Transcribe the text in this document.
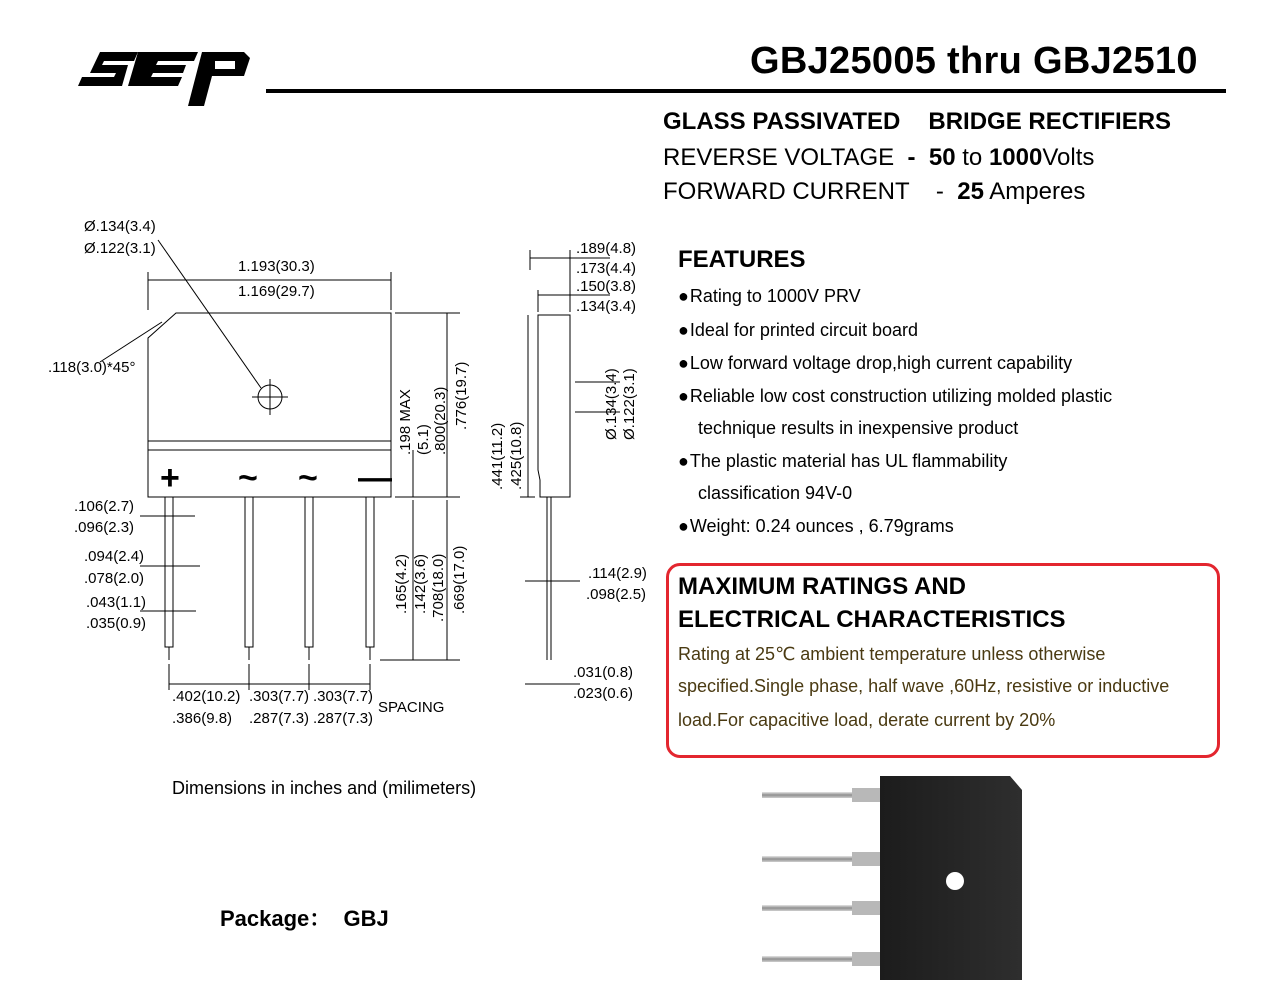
GBJ25005 thru GBJ2510
GLASS PASSIVATED BRIDGE RECTIFIERS
REVERSE VOLTAGE - 50 to 1000Volts
FORWARD CURRENT - 25 Amperes
FEATURES
●Rating to 1000V PRV
●Ideal for printed circuit board
●Low forward voltage drop,high current capability
●Reliable low cost construction utilizing molded plastic
technique results in inexpensive product
●The plastic material has UL flammability
classification 94V-0
●Weight: 0.24 ounces , 6.79grams
MAXIMUM RATINGS AND
ELECTRICAL CHARACTERISTICS
Rating at 25℃ ambient temperature unless otherwise
specified.Single phase, half wave ,60Hz, resistive or inductive
load.For capacitive load, derate current by 20%
Ø.134(3.4)
Ø.122(3.1)
1.193(30.3)
1.169(29.7)
.118(3.0)*45°
+ ~ ~ —
.106(2.7)
.096(2.3)
.094(2.4)
.078(2.0)
.043(1.1)
.035(0.9)
.402(10.2)
.386(9.8)
.303(7.7)
.287(7.3)
.303(7.7)
.287(7.3)
SPACING
.198 MAX (5.1) .800(20.3) .776(19.7)
.165(4.2) .142(3.6) .708(18.0) .669(17.0)
.189(4.8)
.173(4.4)
.150(3.8)
.134(3.4)
Ø.134(3.4) Ø.122(3.1)
.441(11.2) .425(10.8)
.114(2.9)
.098(2.5)
.031(0.8)
.023(0.6)
Dimensions in inches and (milimeters)
Package： GBJ
